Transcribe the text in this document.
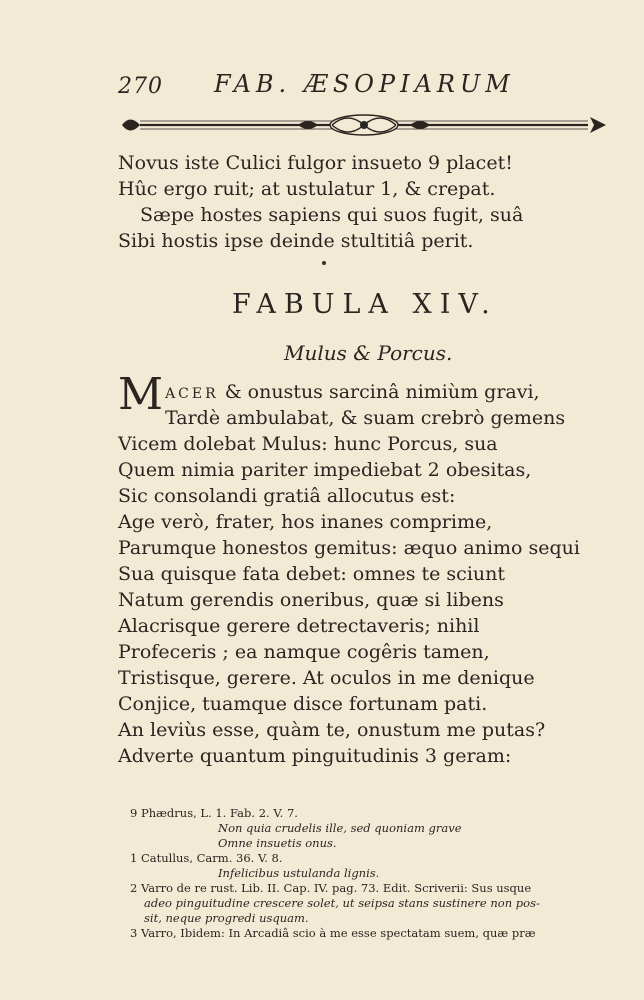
270 FAB. ÆSOPIARUM
Novus iste Culici fulgor insueto 9 placet!
Hûc ergo ruit; at ustulatur 1, & crepat.
Sæpe hostes sapiens qui suos fugit, suâ
Sibi hostis ipse deinde stultitiâ perit.
FABULA XIV.
Mulus & Porcus.
MACER & onustus sarcinâ nimiùm gravi,
Tardè ambulabat, & suam crebrò gemens
Vicem dolebat Mulus: hunc Porcus, sua
Quem nimia pariter impediebat 2 obesitas,
Sic consolandi gratiâ allocutus est:
Age verò, frater, hos inanes comprime,
Parumque honestos gemitus: æquo animo sequi
Sua quisque fata debet: omnes te sciunt
Natum gerendis oneribus, quæ si libens
Alacrisque gerere detrectaveris; nihil
Profeceris ; ea namque cogêris tamen,
Tristisque, gerere. At oculos in me denique
Conjice, tuamque disce fortunam pati.
An leviùs esse, quàm te, onustum me putas?
Adverte quantum pinguitudinis 3 geram:
9 Phædrus, L. 1. Fab. 2. V. 7.
Non quia crudelis ille, sed quoniam grave
Omne insuetis onus.
1 Catullus, Carm. 36. V. 8.
Infelicibus ustulanda lignis.
2 Varro de re rust. Lib. II. Cap. IV. pag. 73. Edit. Scriverii: Sus usque
adeo pinguitudine crescere solet, ut seipsa stans sustinere non pos-
sit, neque progredi usquam.
3 Varro, Ibidem: In Arcadiâ scio à me esse spectatam suem, quæ præ
